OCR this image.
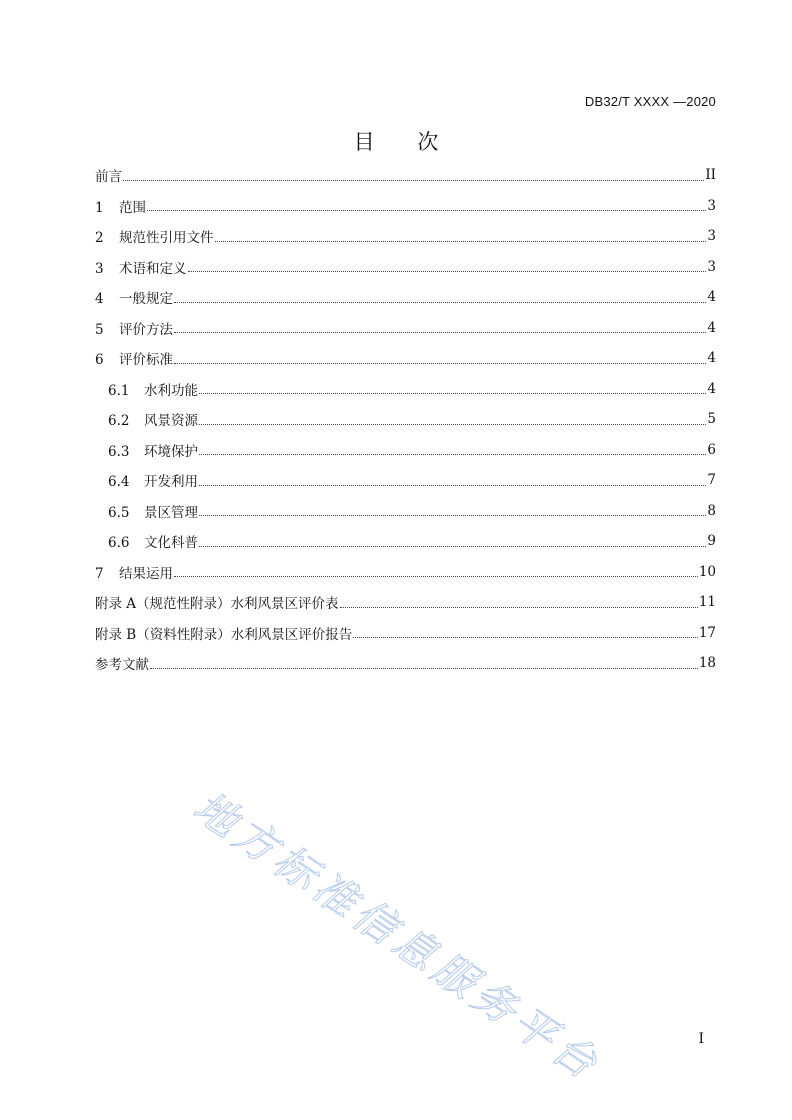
DB32/T XXXX —2020
目 次
前言	II
1 范围	3
2 规范性引用文件	3
3 术语和定义	3
4 一般规定	4
5 评价方法	4
6 评价标准	4
6.1 水利功能	4
6.2 风景资源	5
6.3 环境保护	6
6.4 开发利用	7
6.5 景区管理	8
6.6 文化科普	9
7 结果运用	10
附录 A（规范性附录）水利风景区评价表	11
附录 B（资料性附录）水利风景区评价报告	17
参考文献	18
地方标准信息服务平台	I
